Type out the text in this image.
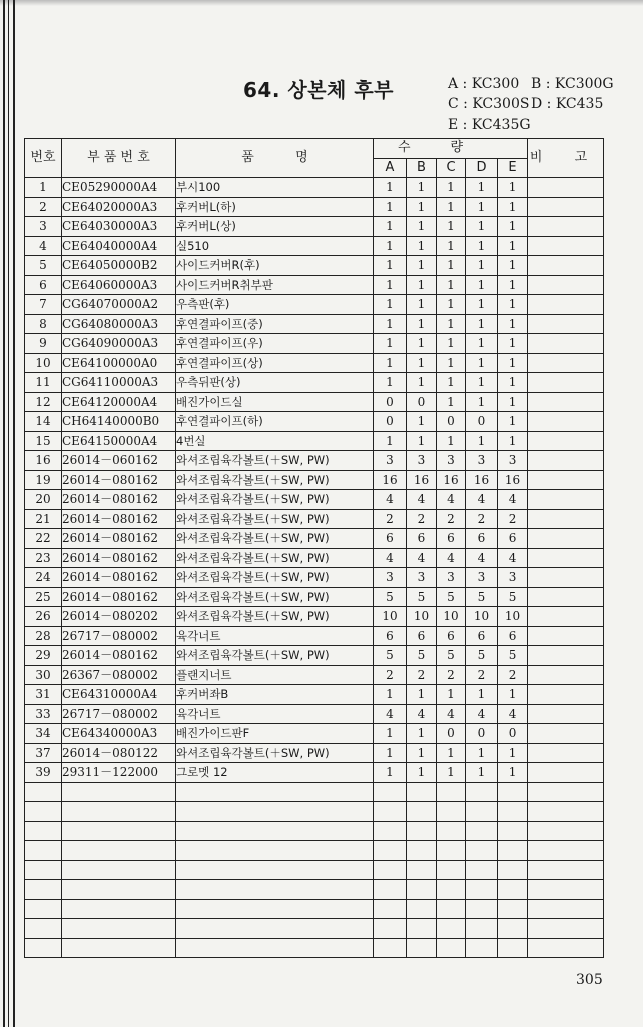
64. 상본체 후부	A : KC300 B : KC300G
C : KC300S D : KC435
E : KC435G
번호	부 품 번 호	품          명	수량					비 고
			A	B	C	D	E	
1	CE05290000A4	부시100	1	1	1	1	1	
2	CE64020000A3	후커버L(하)	1	1	1	1	1	
3	CE64030000A3	후커버L(상)	1	1	1	1	1	
4	CE64040000A4	실510	1	1	1	1	1	
5	CE64050000B2	사이드커버R(후)	1	1	1	1	1	
6	CE64060000A3	사이드커버R취부판	1	1	1	1	1	
7	CG64070000A2	우측판(후)	1	1	1	1	1	
8	CG64080000A3	후연결파이프(중)	1	1	1	1	1	
9	CG64090000A3	후연결파이프(우)	1	1	1	1	1	
10	CE64100000A0	후연결파이프(상)	1	1	1	1	1	
11	CG64110000A3	우측뒤판(상)	1	1	1	1	1	
12	CE64120000A4	배진가이드실	0	0	1	1	1	
14	CH64140000B0	후연결파이프(하)	0	1	0	0	1	
15	CE64150000A4	4번실	1	1	1	1	1	
16	26014－060162	와셔조립육각볼트(＋SW, PW)	3	3	3	3	3	
19	26014－080162	와셔조립육각볼트(＋SW, PW)	16	16	16	16	16	
20	26014－080162	와셔조립육각볼트(＋SW, PW)	4	4	4	4	4	
21	26014－080162	와셔조립육각볼트(＋SW, PW)	2	2	2	2	2	
22	26014－080162	와셔조립육각볼트(＋SW, PW)	6	6	6	6	6	
23	26014－080162	와셔조립육각볼트(＋SW, PW)	4	4	4	4	4	
24	26014－080162	와셔조립육각볼트(＋SW, PW)	3	3	3	3	3	
25	26014－080162	와셔조립육각볼트(＋SW, PW)	5	5	5	5	5	
26	26014－080202	와셔조립육각볼트(＋SW, PW)	10	10	10	10	10	
28	26717－080002	육각너트	6	6	6	6	6	
29	26014－080162	와셔조립육각볼트(＋SW, PW)	5	5	5	5	5	
30	26367－080002	플랜지너트	2	2	2	2	2	
31	CE64310000A4	후커버좌B	1	1	1	1	1	
33	26717－080002	육각너트	4	4	4	4	4	
34	CE64340000A3	배진가이드판F	1	1	0	0	0	
37	26014－080122	와셔조립육각볼트(＋SW, PW)	1	1	1	1	1	
39	29311－122000	그로멧 12	1	1	1	1	1	

305
